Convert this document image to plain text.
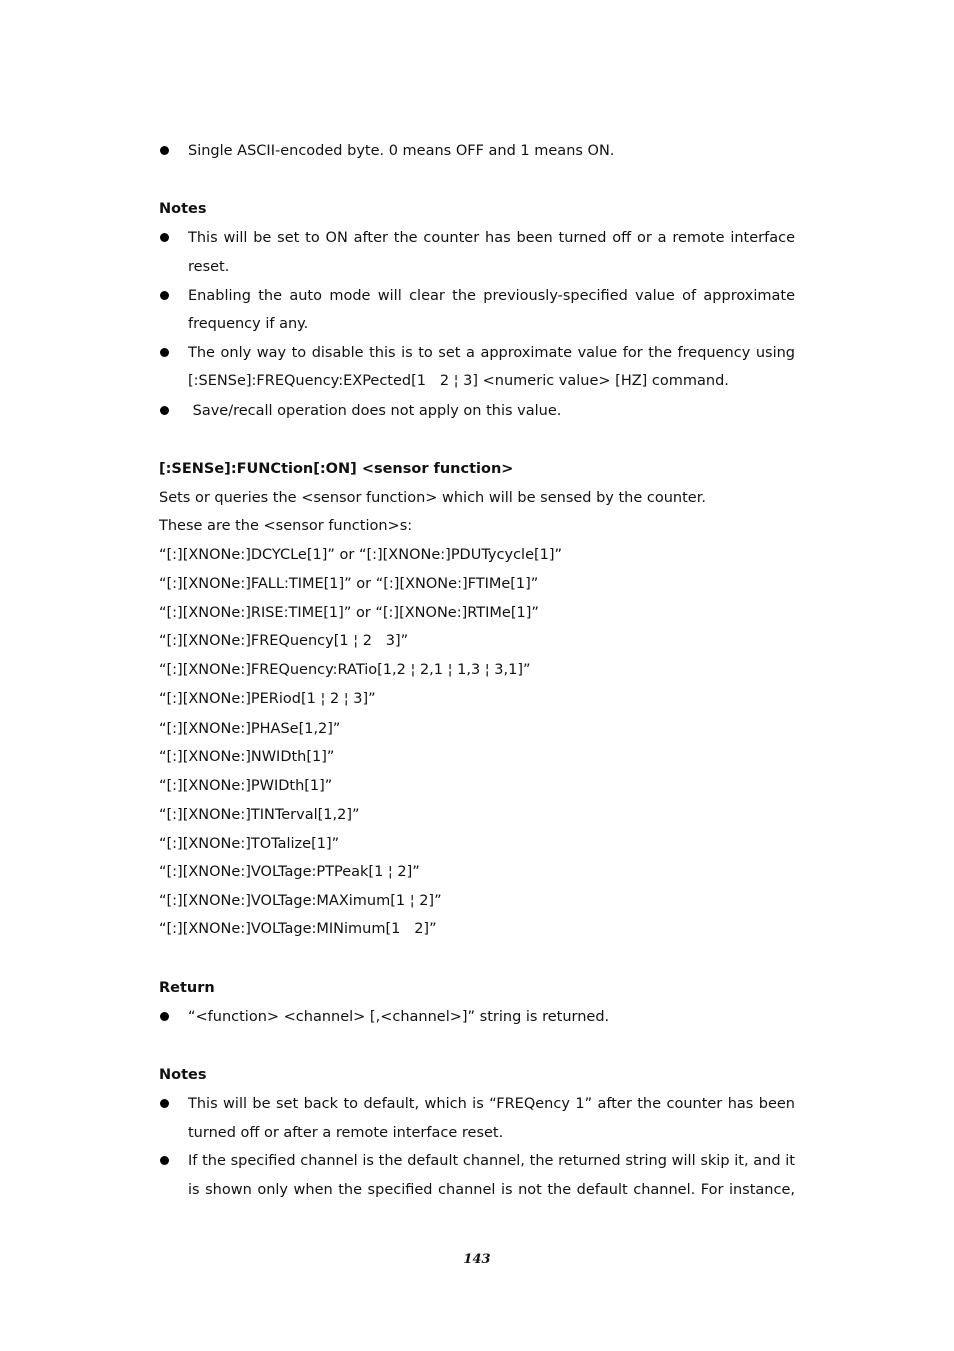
Single ASCII-encoded byte. 0 means OFF and 1 means ON.
Notes
This will be set to ON after the counter has been turned off or a remote interface
reset.
Enabling the auto mode will clear the previously-specified value of approximate
frequency if any.
The only way to disable this is to set a approximate value for the frequency using
[:SENSe]:FREQuency:EXPected[1   2 ¦ 3] <numeric value> [HZ] command.
Save/recall operation does not apply on this value.
[:SENSe]:FUNCtion[:ON] <sensor function>
Sets or queries the <sensor function> which will be sensed by the counter.
These are the <sensor function>s:
“[:][XNONe:]DCYCLe[1]” or “[:][XNONe:]PDUTycycle[1]”
“[:][XNONe:]FALL:TIME[1]” or “[:][XNONe:]FTIMe[1]”
“[:][XNONe:]RISE:TIME[1]” or “[:][XNONe:]RTIMe[1]”
“[:][XNONe:]FREQuency[1 ¦ 2   3]”
“[:][XNONe:]FREQuency:RATio[1,2 ¦ 2,1 ¦ 1,3 ¦ 3,1]”
“[:][XNONe:]PERiod[1 ¦ 2 ¦ 3]”
“[:][XNONe:]PHASe[1,2]”
“[:][XNONe:]NWIDth[1]”
“[:][XNONe:]PWIDth[1]”
“[:][XNONe:]TINTerval[1,2]”
“[:][XNONe:]TOTalize[1]”
“[:][XNONe:]VOLTage:PTPeak[1 ¦ 2]”
“[:][XNONe:]VOLTage:MAXimum[1 ¦ 2]”
“[:][XNONe:]VOLTage:MINimum[1   2]”
Return
“<function> <channel> [,<channel>]” string is returned.
Notes
This will be set back to default, which is “FREQency 1” after the counter has been
turned off or after a remote interface reset.
If the specified channel is the default channel, the returned string will skip it, and it
is shown only when the specified channel is not the default channel. For instance,
143
